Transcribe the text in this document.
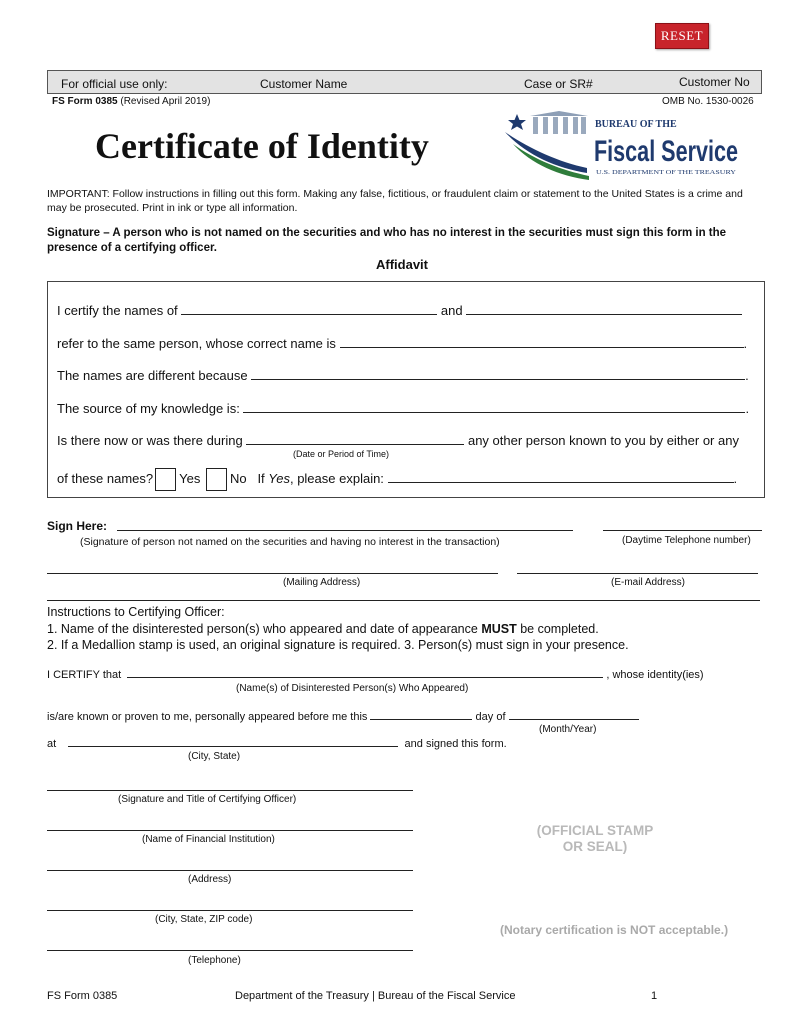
RESET
For official use only:	Customer Name	Case or SR#	Customer No
FS Form 0385 (Revised April 2019)	OMB No. 1530-0026
Certificate of Identity
BUREAU OF THE
Fiscal Service
U.S. DEPARTMENT OF THE TREASURY
IMPORTANT: Follow instructions in filling out this form. Making any false, fictitious, or fraudulent claim or statement to the United States is a crime and may be prosecuted. Print in ink or type all information.
Signature – A person who is not named on the securities and who has no interest in the securities must sign this form in the presence of a certifying officer.
Affidavit
I certify the names of	and
refer to the same person, whose correct name is	.
The names are different because	.
The source of my knowledge is:	.
Is there now or was there during	any other person known to you by either or any
(Date or Period of Time)
of these names? Yes No If Yes, please explain:	.
Sign Here:
(Signature of person not named on the securities and having no interest in the transaction)	(Daytime Telephone number)
(Mailing Address)	(E-mail Address)
Instructions to Certifying Officer:
1. Name of the disinterested person(s) who appeared and date of appearance MUST be completed.
2. If a Medallion stamp is used, an original signature is required. 3. Person(s) must sign in your presence.
I CERTIFY that	, whose identity(ies)
(Name(s) of Disinterested Person(s) Who Appeared)
is/are known or proven to me, personally appeared before me this	day of
(Month/Year)
at	and signed this form.
(City, State)
(Signature and Title of Certifying Officer)
(Name of Financial Institution)
(Address)
(City, State, ZIP code)
(Telephone)
(OFFICIAL STAMP
OR SEAL)
(Notary certification is NOT acceptable.)
FS Form 0385	Department of the Treasury | Bureau of the Fiscal Service	1
